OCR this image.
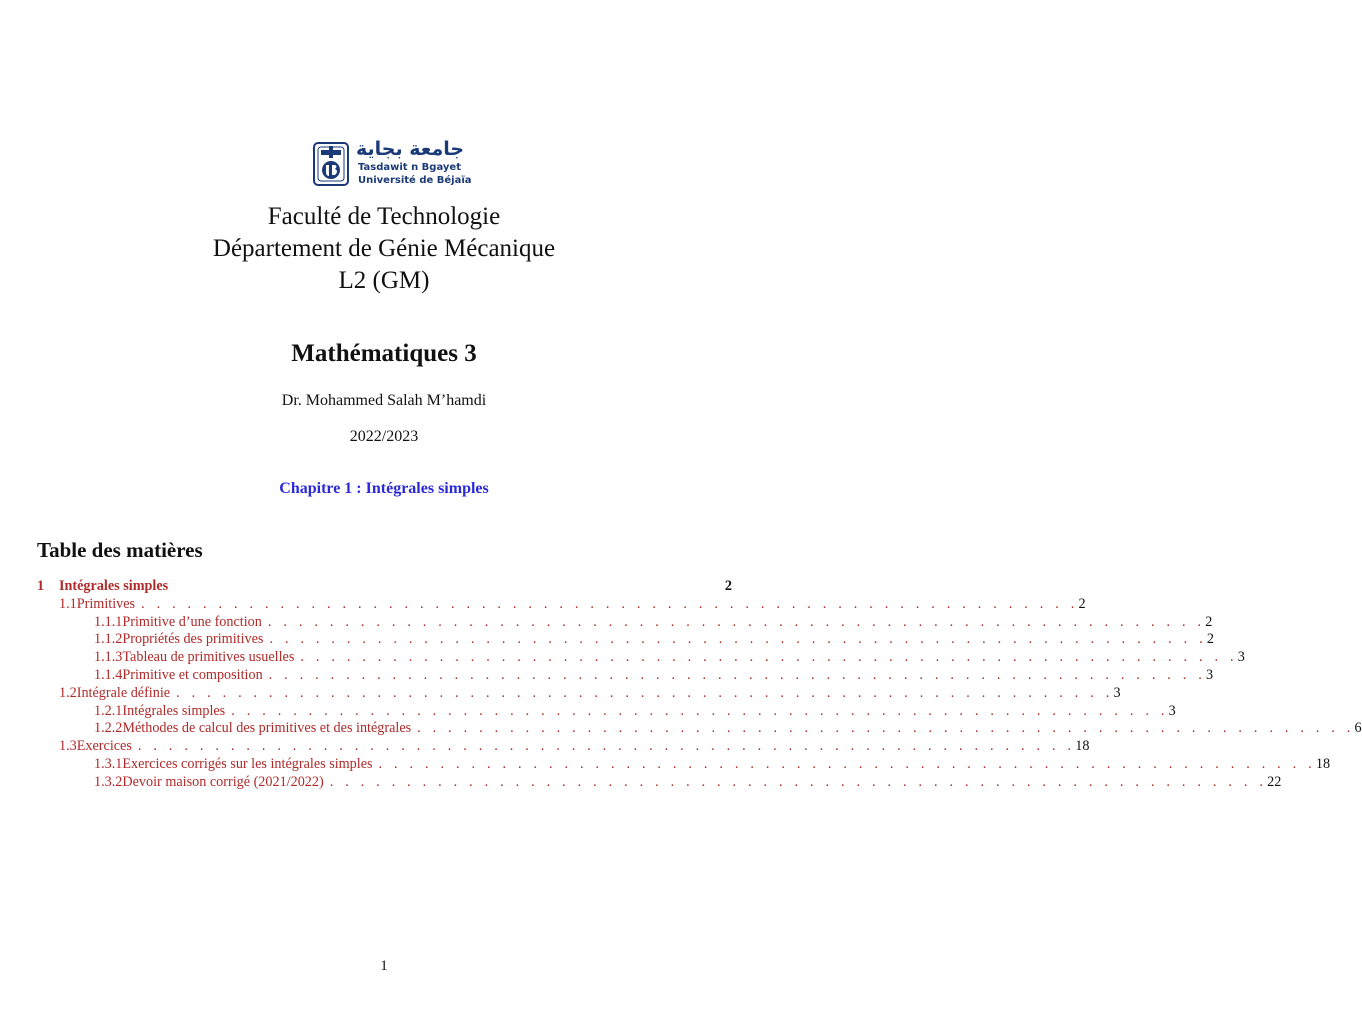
جامعة بجاية
Tasdawit n Bgayet
Université de Béjaïa
Faculté de Technologie
Département de Génie Mécanique
L2 (GM)
Mathématiques 3
Dr. Mohammed Salah M’hamdi
2022/2023
Chapitre 1 : Intégrales simples
Table des matières
1	Intégrales simples	2
1.1 Primitives . . . . . . . . . . . . . . . . . . . . . . . . . . . . . . . . . . . . . . . . . . . . . . . . . . . . . . . . . . . . . 2
1.1.1 Primitive d’une fonction . . . . . . . . . . . . . . . . . . . . . . . . . . . . . . . . . . . . . . . . . . . . . . . . . . . . . . . . . . . . . 2
1.1.2 Propriétés des primitives . . . . . . . . . . . . . . . . . . . . . . . . . . . . . . . . . . . . . . . . . . . . . . . . . . . . . . . . . . . . . 2
1.1.3 Tableau de primitives usuelles . . . . . . . . . . . . . . . . . . . . . . . . . . . . . . . . . . . . . . . . . . . . . . . . . . . . . . . . . . . . . 3
1.1.4 Primitive et composition . . . . . . . . . . . . . . . . . . . . . . . . . . . . . . . . . . . . . . . . . . . . . . . . . . . . . . . . . . . . . 3
1.2 Intégrale définie . . . . . . . . . . . . . . . . . . . . . . . . . . . . . . . . . . . . . . . . . . . . . . . . . . . . . . . . . . . . . 3
1.2.1 Intégrales simples . . . . . . . . . . . . . . . . . . . . . . . . . . . . . . . . . . . . . . . . . . . . . . . . . . . . . . . . . . . . . 3
1.2.2 Méthodes de calcul des primitives et des intégrales . . . . . . . . . . . . . . . . . . . . . . . . . . . . . . . . . . . . . . . . . . . . . . . . . . . . . . . . . . . . . 6
1.3 Exercices . . . . . . . . . . . . . . . . . . . . . . . . . . . . . . . . . . . . . . . . . . . . . . . . . . . . . . . . . . . . . 18
1.3.1 Exercices corrigés sur les intégrales simples . . . . . . . . . . . . . . . . . . . . . . . . . . . . . . . . . . . . . . . . . . . . . . . . . . . . . . . . . . . . . 18
1.3.2 Devoir maison corrigé (2021/2022) . . . . . . . . . . . . . . . . . . . . . . . . . . . . . . . . . . . . . . . . . . . . . . . . . . . . . . . . . . . . . 22
1
